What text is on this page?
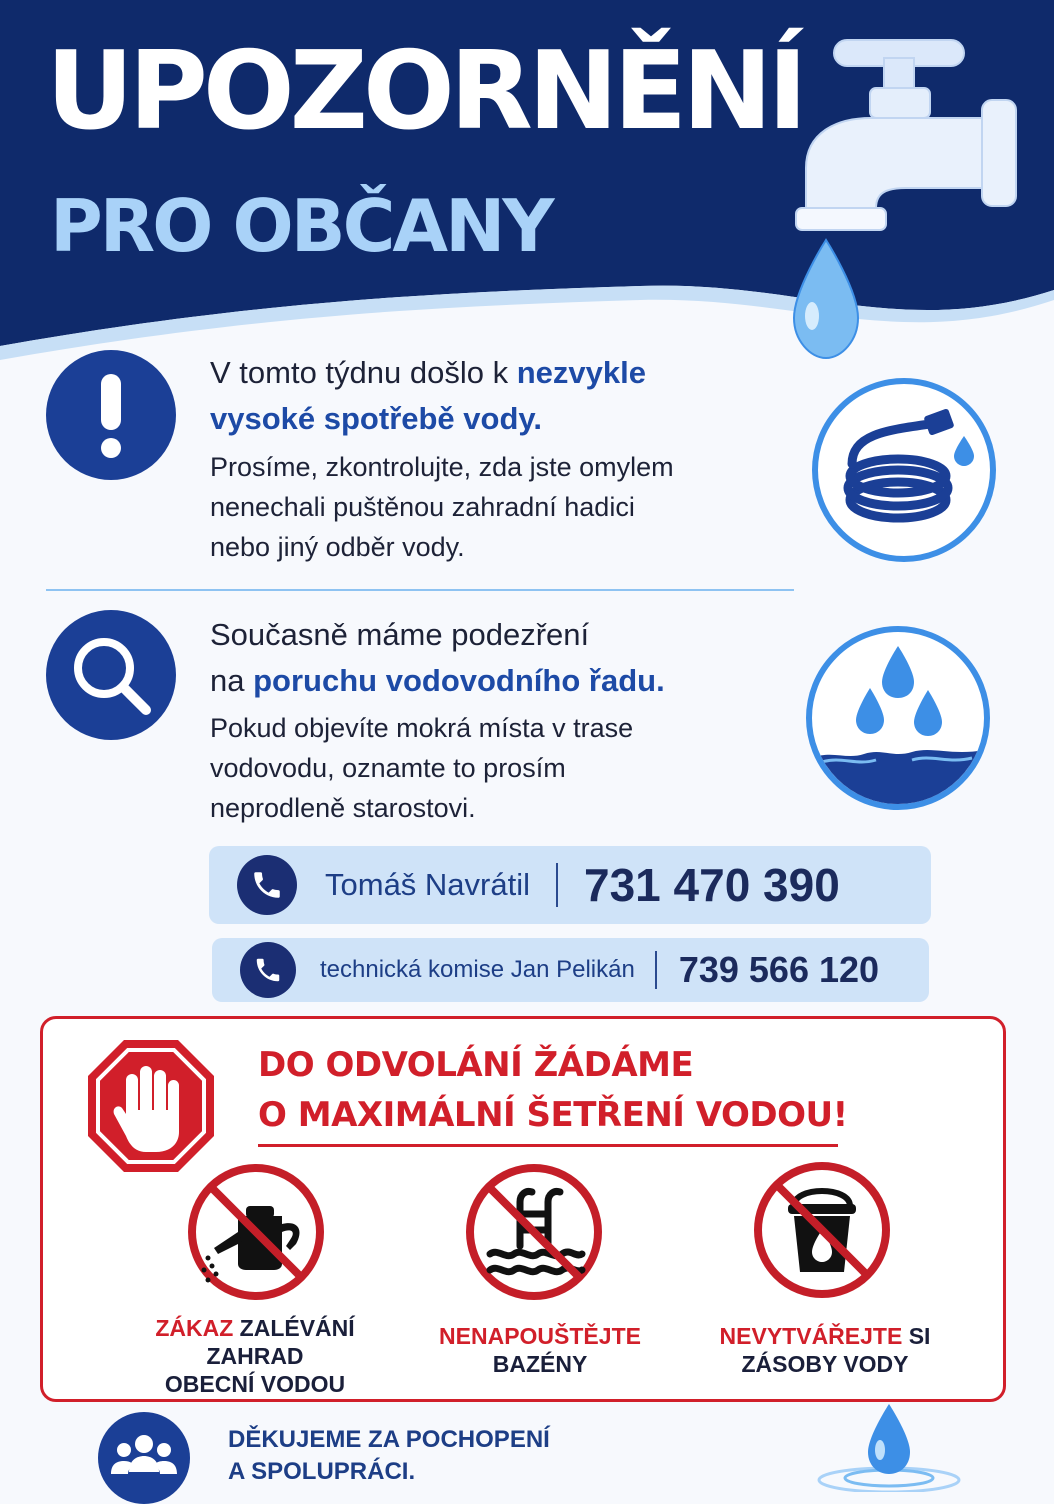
UPOZORNĚNÍ
PRO OBČANY
V tomto týdnu došlo k nezvykle
vysoké spotřebě vody.
Prosíme, zkontrolujte, zda jste omylem
nenechali puštěnou zahradní hadici
nebo jiný odběr vody.
Současně máme podezření
na poruchu vodovodního řadu.
Pokud objevíte mokrá místa v trase
vodovodu, oznamte to prosím
neprodleně starostovi.
Tomáš Navrátil 731 470 390
technická komise Jan Pelikán 739 566 120
DO ODVOLÁNÍ ŽÁDÁME
O MAXIMÁLNÍ ŠETŘENÍ VODOU!
ZÁKAZ ZALÉVÁNÍ
ZAHRAD
OBECNÍ VODOU
NENAPOUŠTĚJTE
BAZÉNY
NEVYTVÁŘEJTE SI
ZÁSOBY VODY
DĚKUJEME ZA POCHOPENÍ
A SPOLUPRÁCI.
